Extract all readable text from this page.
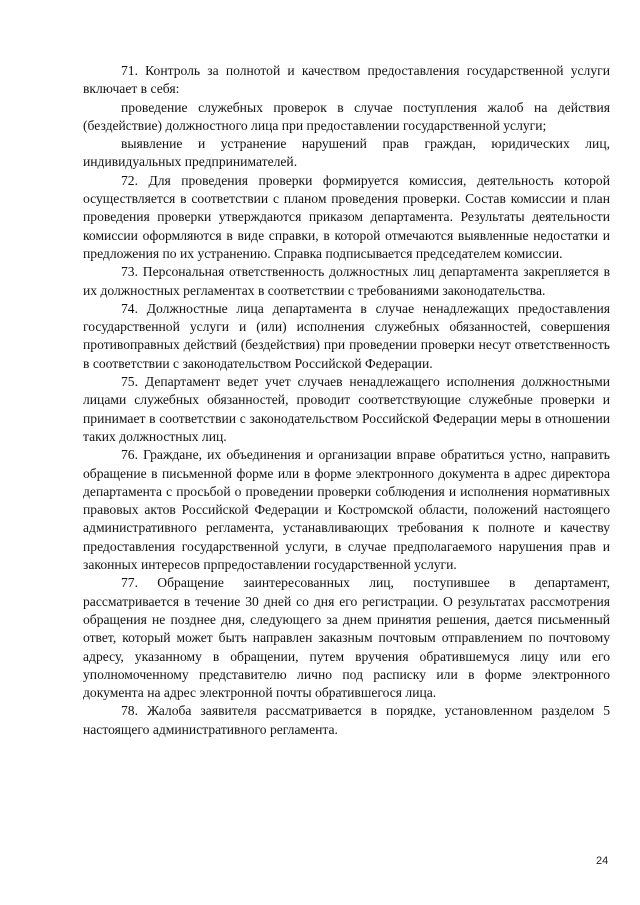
71. Контроль за полнотой и качеством предоставления государственной услуги включает в себя:

проведение служебных проверок в случае поступления жалоб на действия (бездействие) должностного лица при предоставлении государственной услуги;

выявление и устранение нарушений прав граждан, юридических лиц, индивидуальных предпринимателей.

72. Для проведения проверки формируется комиссия, деятельность которой осуществляется в соответствии с планом проведения проверки. Состав комиссии и план проведения проверки утверждаются приказом департамента. Результаты деятельности комиссии оформляются в виде справки, в которой отмечаются выявленные недостатки и предложения по их устранению. Справка подписывается председателем комиссии.

73. Персональная ответственность должностных лиц департамента закрепляется в их должностных регламентах в соответствии с требованиями законодательства.

74. Должностные лица департамента в случае ненадлежащих предоставления государственной услуги и (или) исполнения служебных обязанностей, совершения противоправных действий (бездействия) при проведении проверки несут ответственность в соответствии с законодательством Российской Федерации.

75. Департамент ведет учет случаев ненадлежащего исполнения должностными лицами служебных обязанностей, проводит соответствующие служебные проверки и принимает в соответствии с законодательством Российской Федерации меры в отношении таких должностных лиц.

76. Граждане, их объединения и организации вправе обратиться устно, направить обращение в письменной форме или в форме электронного документа в адрес директора департамента с просьбой о проведении проверки соблюдения и исполнения нормативных правовых актов Российской Федерации и Костромской области, положений настоящего административного регламента, устанавливающих требования к полноте и качеству предоставления государственной услуги, в случае предполагаемого нарушения прав и законных интересов прпредоставлении государственной услуги.

77. Обращение заинтересованных лиц, поступившее в департамент, рассматривается в течение 30 дней со дня его регистрации. О результатах рассмотрения обращения не позднее дня, следующего за днем принятия решения, дается письменный ответ, который может быть направлен заказным почтовым отправлением по почтовому адресу, указанному в обращении, путем вручения обратившемуся лицу или его уполномоченному представителю лично под расписку или в форме электронного документа на адрес электронной почты обратившегося лица.

78. Жалоба заявителя рассматривается в порядке, установленном разделом 5 настоящего административного регламента.

24
